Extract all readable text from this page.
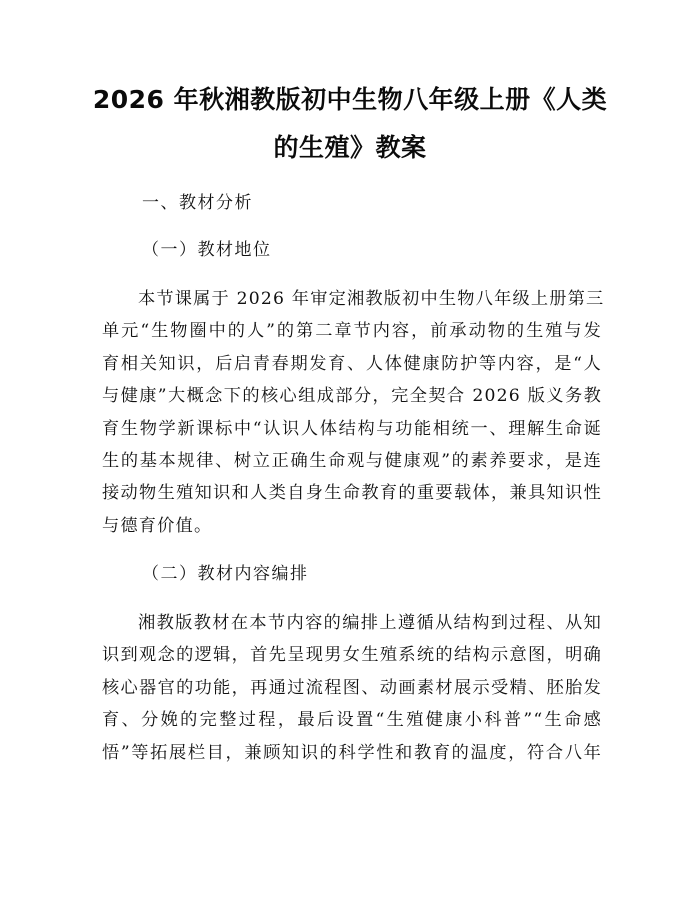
2026 年秋湘教版初中生物八年级上册《人类
的生殖》教案
一、教材分析
（一）教材地位
本节课属于 2026 年审定湘教版初中生物八年级上册第三
单元“生物圈中的人”的第二章节内容，前承动物的生殖与发
育相关知识，后启青春期发育、人体健康防护等内容，是“人
与健康”大概念下的核心组成部分，完全契合 2026 版义务教
育生物学新课标中“认识人体结构与功能相统一、理解生命诞
生的基本规律、树立正确生命观与健康观”的素养要求，是连
接动物生殖知识和人类自身生命教育的重要载体，兼具知识性
与德育价值。
（二）教材内容编排
湘教版教材在本节内容的编排上遵循从结构到过程、从知
识到观念的逻辑，首先呈现男女生殖系统的结构示意图，明确
核心器官的功能，再通过流程图、动画素材展示受精、胚胎发
育、分娩的完整过程，最后设置“生殖健康小科普”“生命感
悟”等拓展栏目，兼顾知识的科学性和教育的温度，符合八年
